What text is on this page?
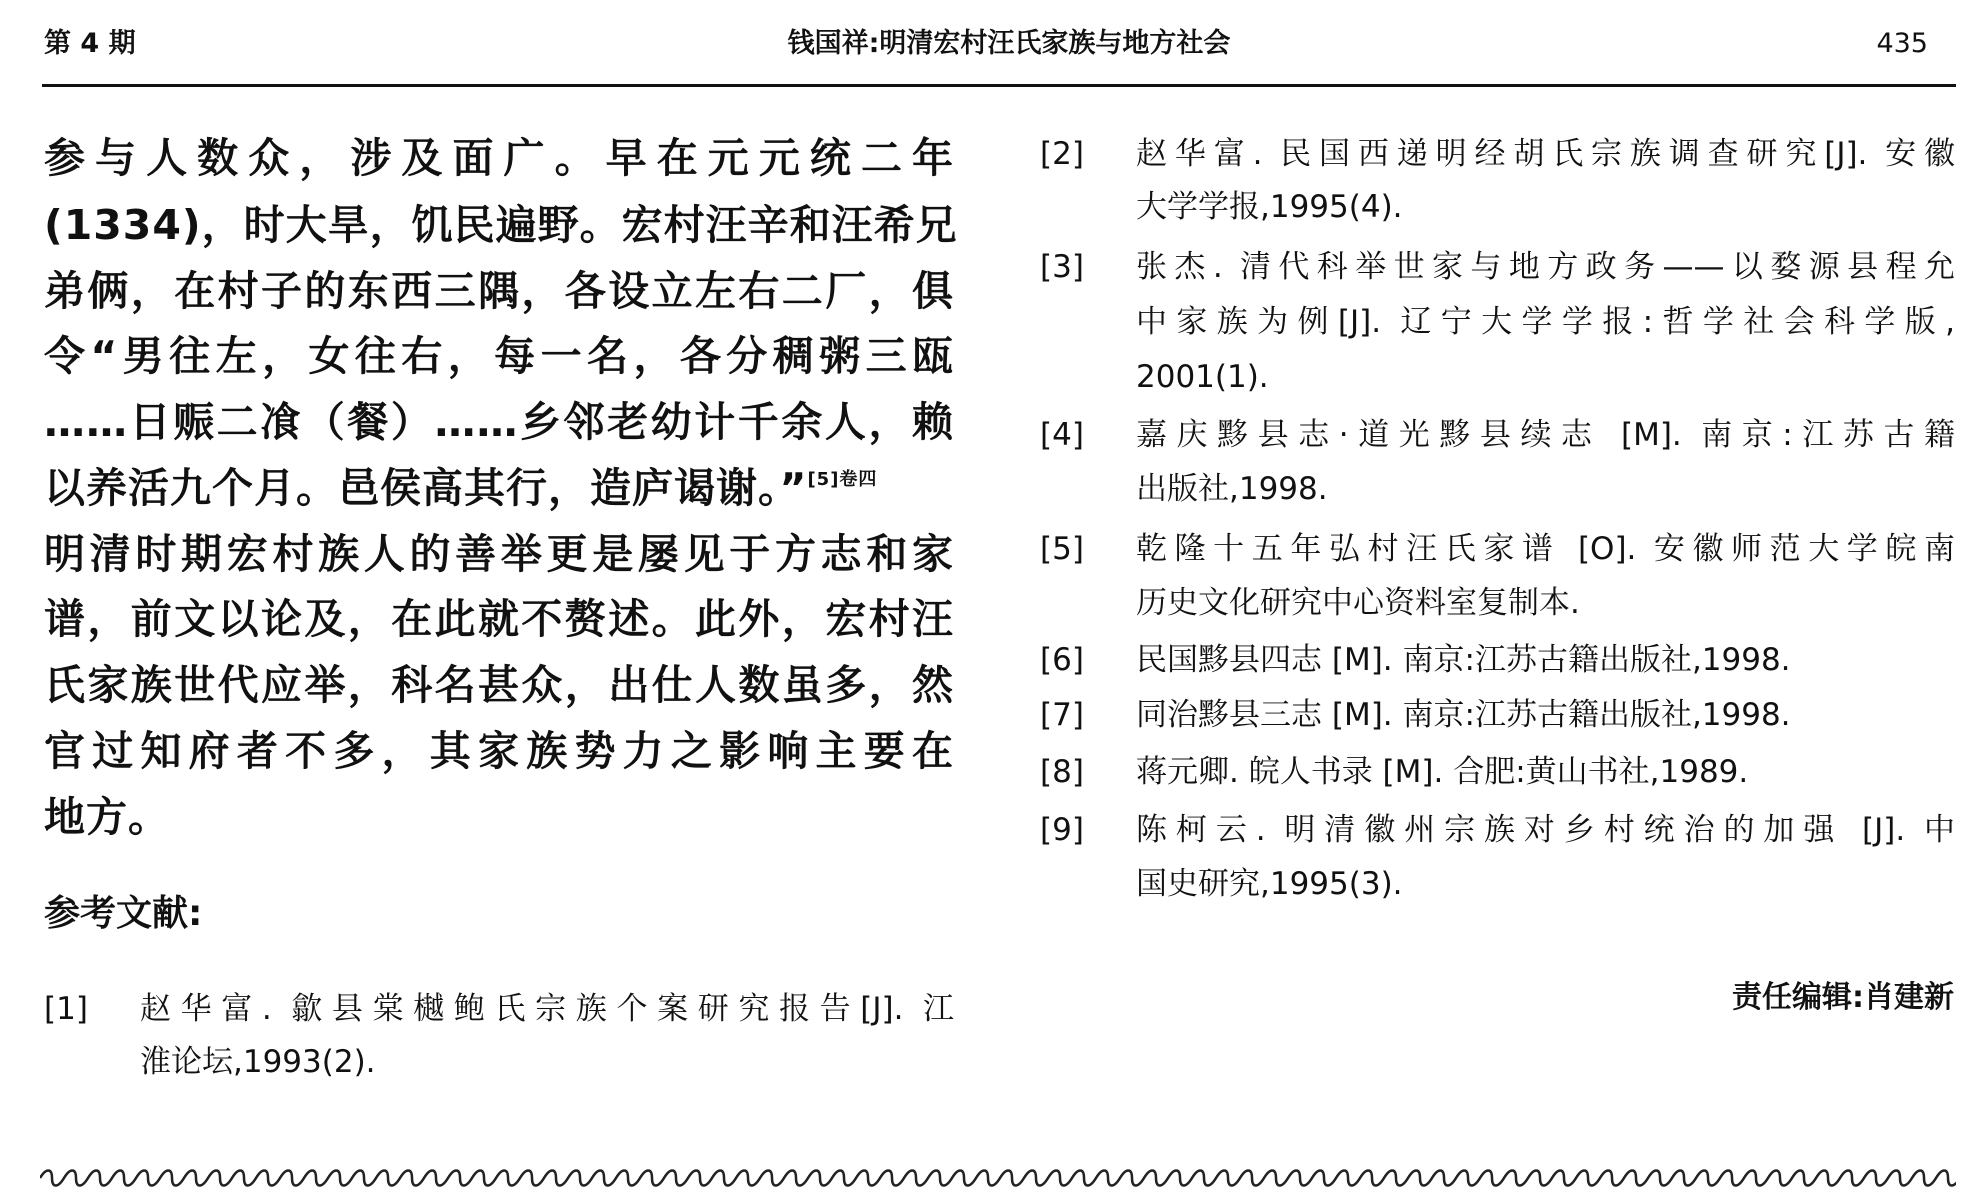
第 4 期	钱国祥:明清宏村汪氏家族与地方社会	435
参与人数众，涉及面广。早在元元统二年
(1334)，时大旱，饥民遍野。宏村汪辛和汪希兄
弟俩，在村子的东西三隅，各设立左右二厂，俱
令“男往左，女往右，每一名，各分稠粥三瓯
……日赈二飡（餐）……乡邻老幼计千余人，赖
以养活九个月。邑侯高其行，造庐谒谢。”$^{[5]卷四}$
明清时期宏村族人的善举更是屡见于方志和家
谱，前文以论及，在此就不赘述。此外，宏村汪
氏家族世代应举，科名甚众，出仕人数虽多，然
官过知府者不多，其家族势力之影响主要在
地方。
参考文献:
[1] 赵华富. 歙县棠樾鲍氏宗族个案研究报告[J]. 江
淮论坛,1993(2).
[2] 赵华富. 民国西递明经胡氏宗族调查研究[J]. 安徽
大学学报,1995(4).
[3] 张杰. 清代科举世家与地方政务——以婺源县程允
中家族为例[J]. 辽宁大学学报:哲学社会科学版,
2001(1).
[4] 嘉庆黟县志·道光黟县续志 [M]. 南京:江苏古籍
出版社,1998.
[5] 乾隆十五年弘村汪氏家谱 [O]. 安徽师范大学皖南
历史文化研究中心资料室复制本.
[6] 民国黟县四志 [M]. 南京:江苏古籍出版社,1998.
[7] 同治黟县三志 [M]. 南京:江苏古籍出版社,1998.
[8] 蒋元卿. 皖人书录 [M]. 合肥:黄山书社,1989.
[9] 陈柯云. 明清徽州宗族对乡村统治的加强 [J]. 中
国史研究,1995(3).
责任编辑:肖建新
